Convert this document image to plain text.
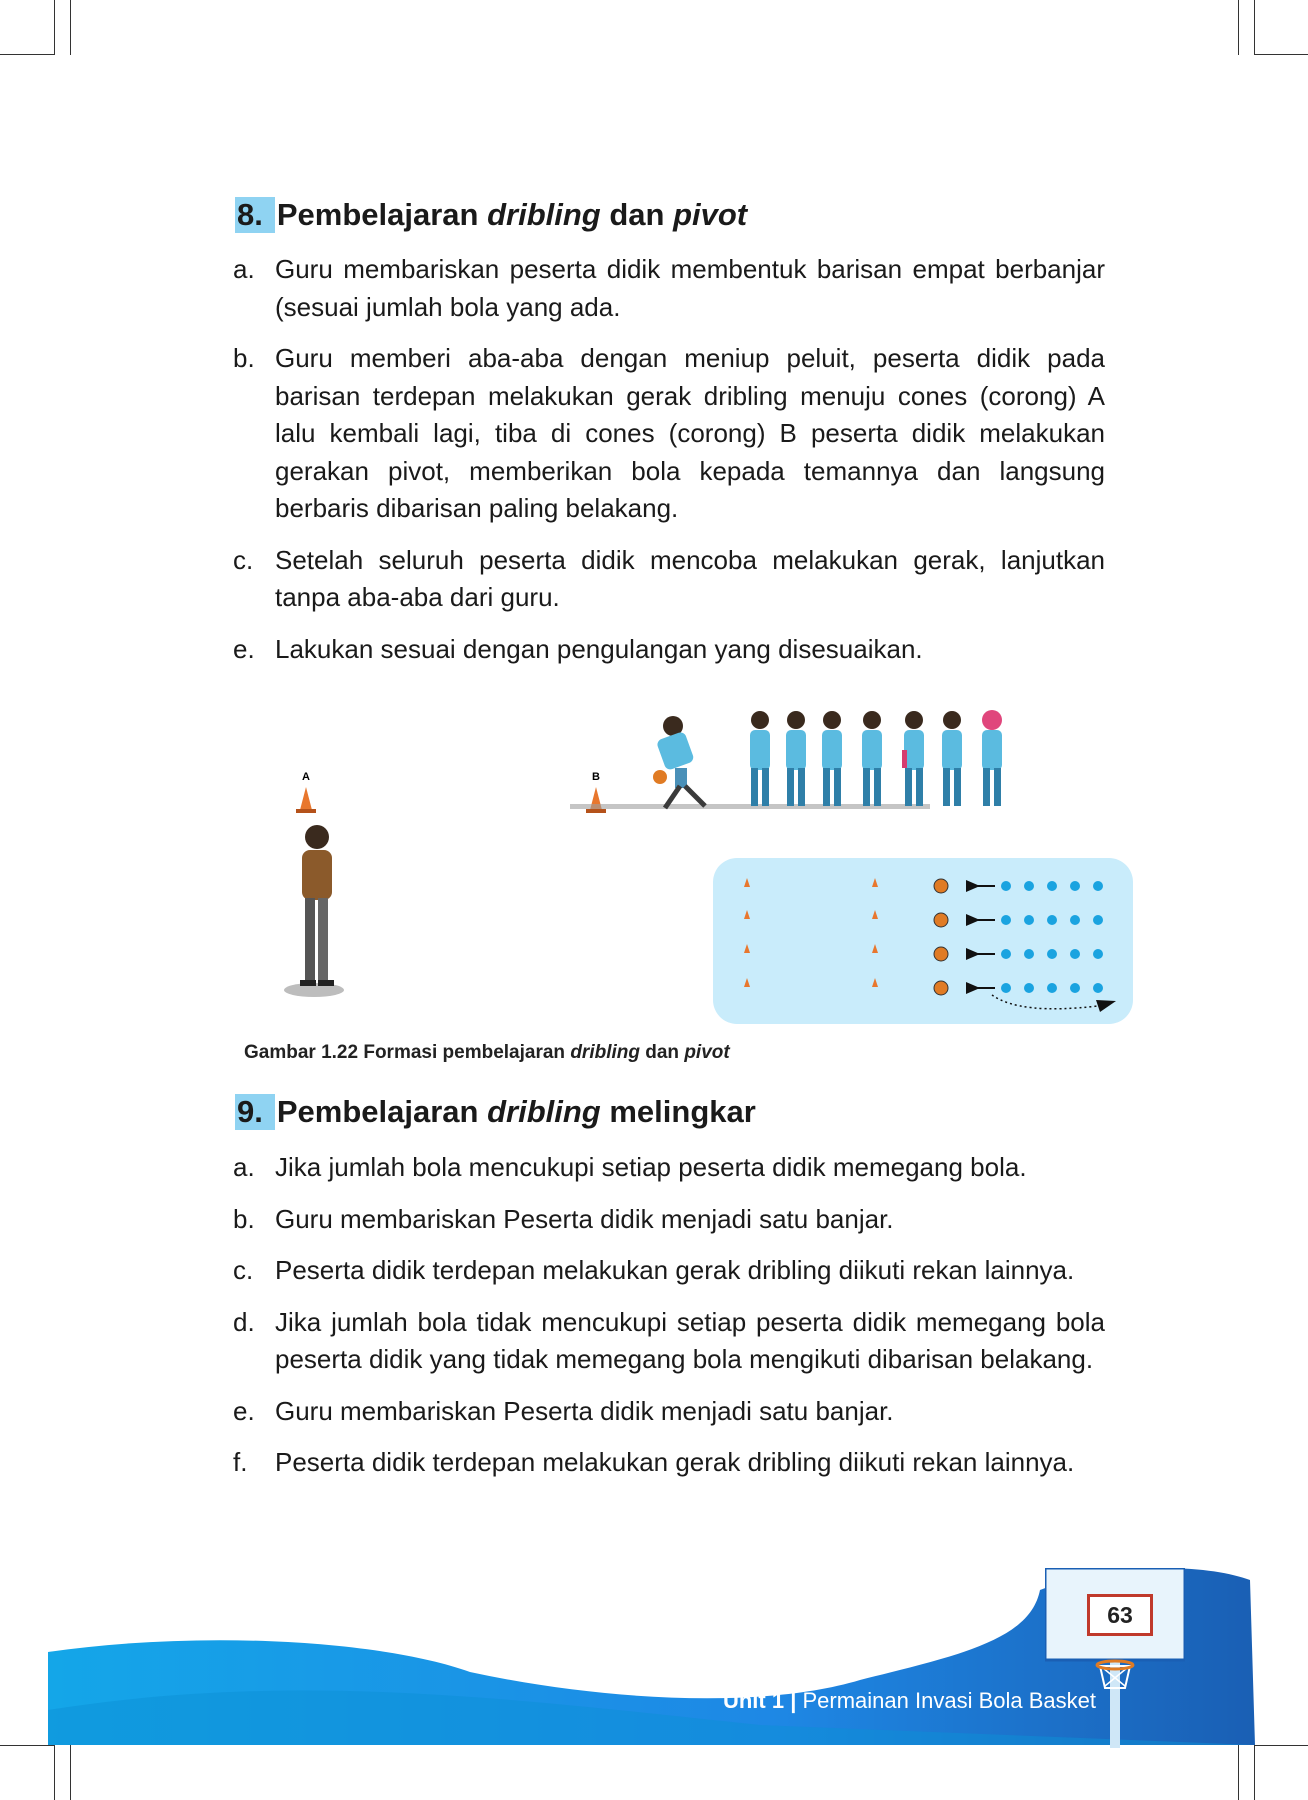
8. Pembelajaran dribling dan pivot
a. Guru membariskan peserta didik membentuk barisan empat berbanjar (sesuai jumlah bola yang ada.
b. Guru memberi aba-aba dengan meniup peluit, peserta didik pada barisan terdepan melakukan gerak dribling menuju cones (corong) A lalu kembali lagi, tiba di cones (corong) B peserta didik melakukan gerakan pivot, memberikan bola kepada temannya dan langsung berbaris dibarisan paling belakang.
c. Setelah seluruh peserta didik mencoba melakukan gerak, lanjutkan tanpa aba-aba dari guru.
e. Lakukan sesuai dengan pengulangan yang disesuaikan.
A	B
Gambar 1.22 Formasi pembelajaran dribling dan pivot
9. Pembelajaran dribling melingkar
a. Jika jumlah bola mencukupi setiap peserta didik memegang bola.
b. Guru membariskan Peserta didik menjadi satu banjar.
c. Peserta didik terdepan melakukan gerak dribling diikuti rekan lainnya.
d. Jika jumlah bola tidak mencukupi setiap peserta didik memegang bola peserta didik yang tidak memegang bola mengikuti dibarisan belakang.
e. Guru membariskan Peserta didik menjadi satu banjar.
f. Peserta didik terdepan melakukan gerak dribling diikuti rekan lainnya.
63
Unit 1 | Permainan Invasi Bola Basket
